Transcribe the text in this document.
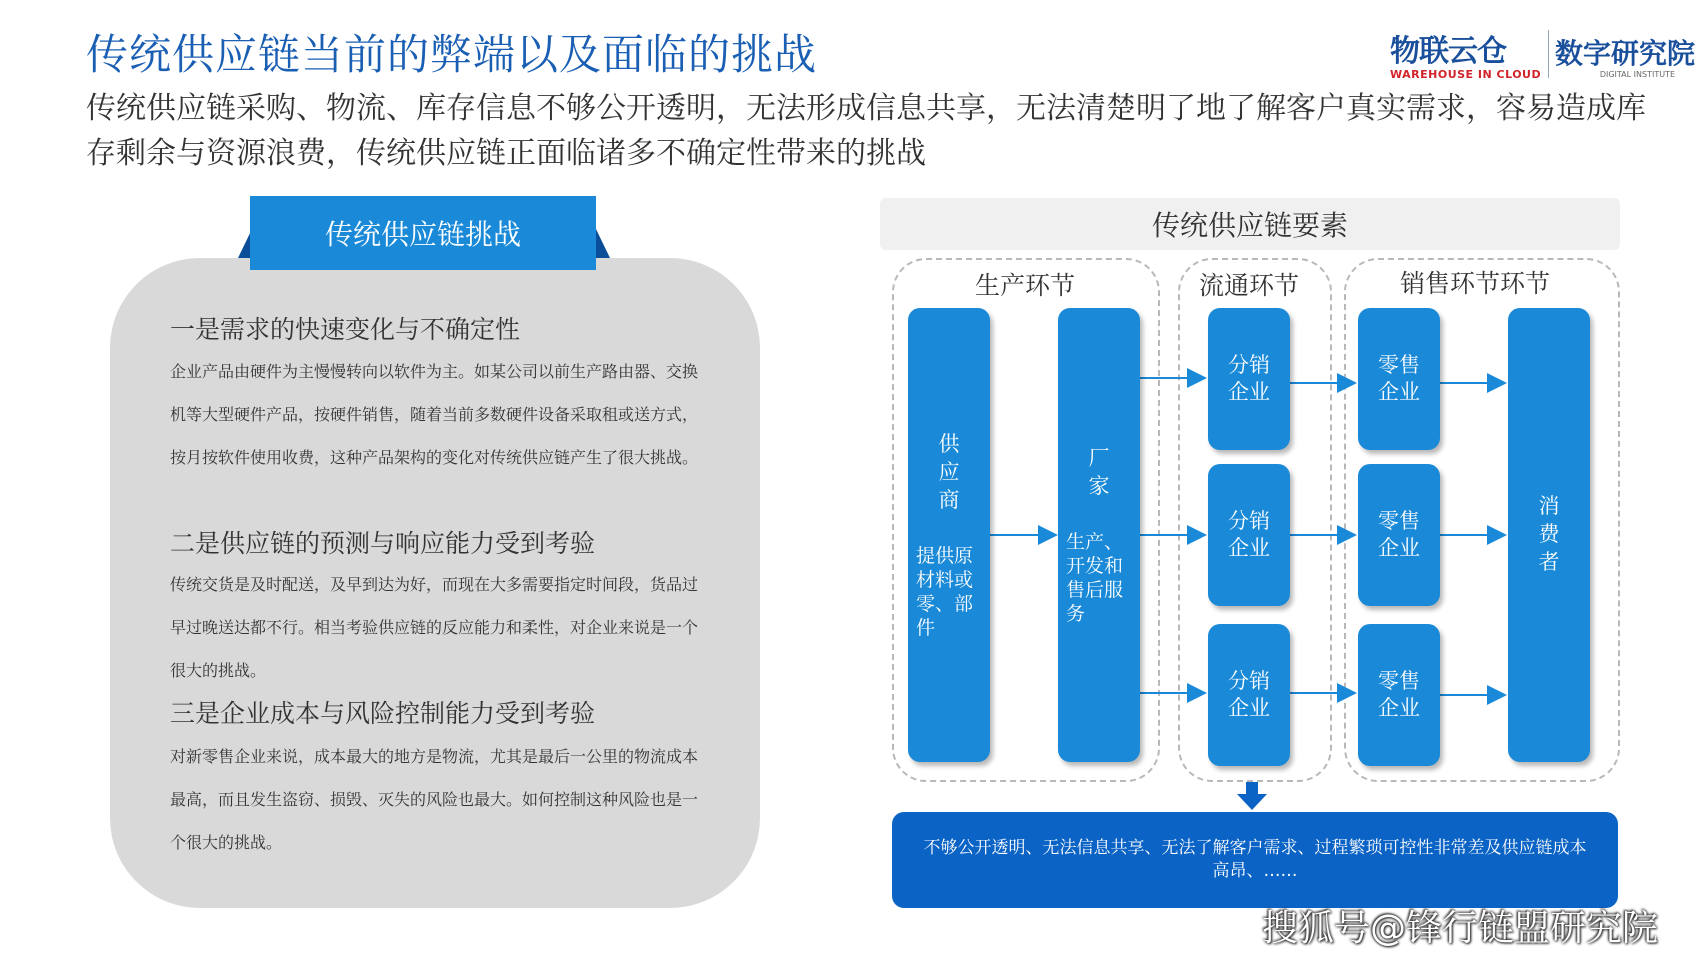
传统供应链当前的弊端以及面临的挑战
传统供应链采购、物流、库存信息不够公开透明，无法形成信息共享，无法清楚明了地了解客户真实需求，容易造成库存剩余与资源浪费，传统供应链正面临诸多不确定性带来的挑战
物联云仓
WAREHOUSE IN CLOUD
数字研究院
DIGITAL INSTITUTE
传统供应链挑战
一是需求的快速变化与不确定性
企业产品由硬件为主慢慢转向以软件为主。如某公司以前生产路由器、交换机等大型硬件产品，按硬件销售，随着当前多数硬件设备采取租或送方式，按月按软件使用收费，这种产品架构的变化对传统供应链产生了很大挑战。
二是供应链的预测与响应能力受到考验
传统交货是及时配送，及早到达为好，而现在大多需要指定时间段，货品过早过晚送达都不行。相当考验供应链的反应能力和柔性，对企业来说是一个很大的挑战。
三是企业成本与风险控制能力受到考验
对新零售企业来说，成本最大的地方是物流，尤其是最后一公里的物流成本最高，而且发生盗窃、损毁、灭失的风险也最大。如何控制这种风险也是一个很大的挑战。
传统供应链要素
生产环节	流通环节	销售环节环节
供应商
提供原材料或零、部件
厂家
生产、开发和售后服务
分销企业
分销企业
分销企业
零售企业
零售企业
零售企业
消费者
不够公开透明、无法信息共享、无法了解客户需求、过程繁琐可控性非常差及供应链成本高昂、……
搜狐号@锋行链盟研究院
